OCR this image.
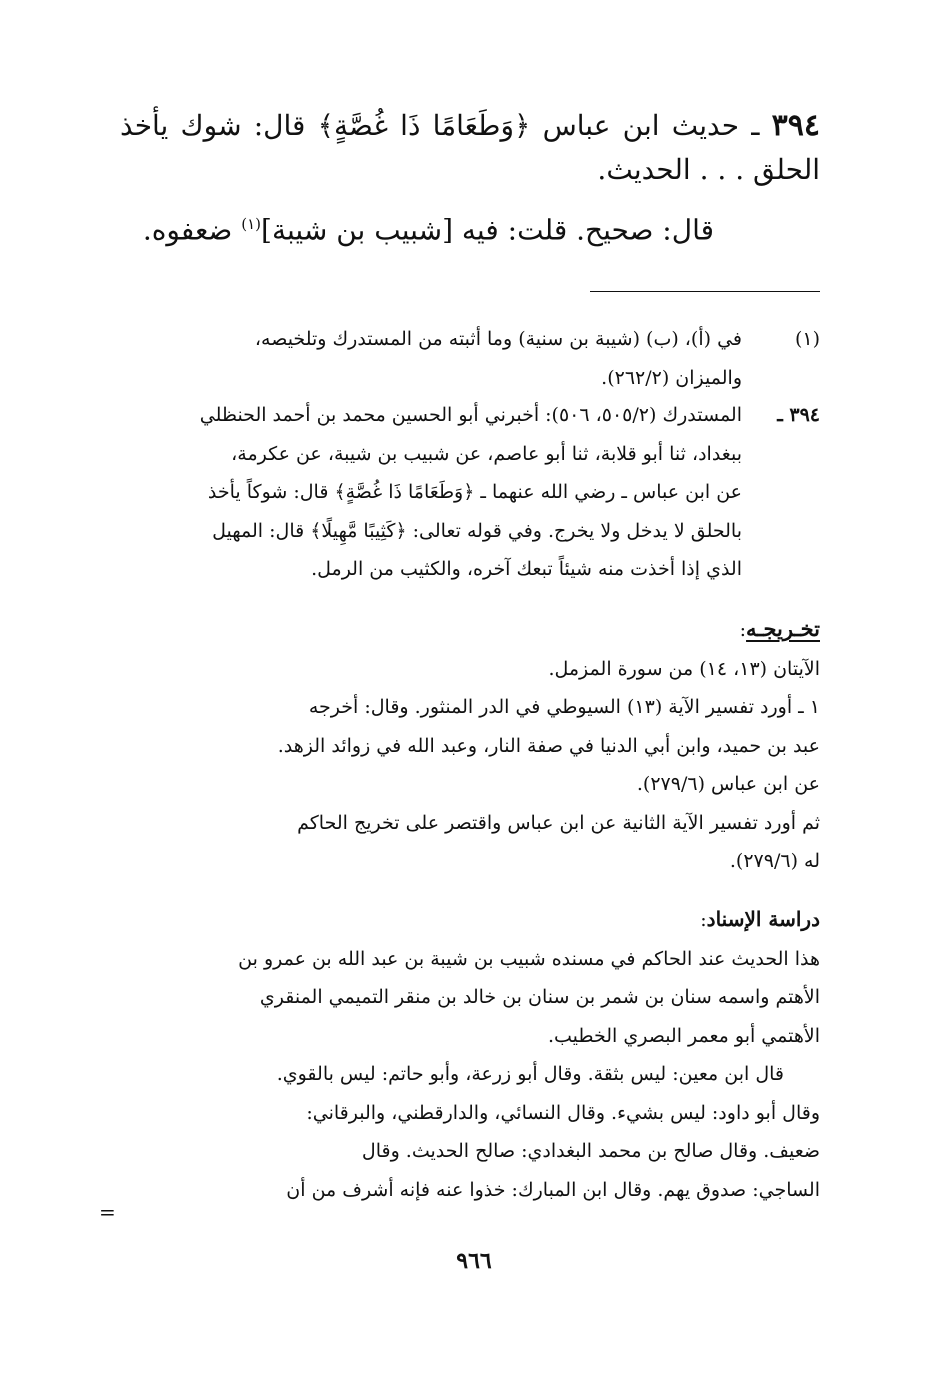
٣٩٤ ـ حديث ابن عباس ﴿وَطَعَامًا ذَا غُصَّةٍ﴾ قال: شوك يأخذ الحلق . . . الحديث.

قال: صحيح. قلت: فيه [شبيب بن شيبة]$^{(١)}$ ضعفوه.

(١)

في (أ)، (ب) (شيبة بن سنية) وما أثبته من المستدرك وتلخيصه،

والميزان (٢٦٢/٢).

٣٩٤ ـ

المستدرك (٥٠٥/٢، ٥٠٦): أخبرني أبو الحسين محمد بن أحمد الحنظلي

ببغداد، ثنا أبو قلابة، ثنا أبو عاصم، عن شبيب بن شيبة، عن عكرمة،

عن ابن عباس ـ رضي الله عنهما ـ ﴿وَطَعَامًا ذَا غُصَّةٍ﴾ قال: شوكاً يأخذ

بالحلق لا يدخل ولا يخرج. وفي قوله تعالى: ﴿كَثِيبًا مَّهِيلًا﴾ قال: المهيل

الذي إذا أخذت منه شيئاً تبعك آخره، والكثيب من الرمل.

تخـريجـه:

الآيتان (١٣، ١٤) من سورة المزمل.

١ ـ أورد تفسير الآية (١٣) السيوطي في الدر المنثور. وقال: أخرجه

عبد بن حميد، وابن أبي الدنيا في صفة النار، وعبد الله في زوائد الزهد.

عن ابن عباس (٢٧٩/٦).

ثم أورد تفسير الآية الثانية عن ابن عباس واقتصر على تخريج الحاكم

له (٢٧٩/٦).

دراسة الإسناد:

هذا الحديث عند الحاكم في مسنده شبيب بن شيبة بن عبد الله بن عمرو بن

الأهتم واسمه سنان بن شمر بن سنان بن خالد بن منقر التميمي المنقري

الأهتمي أبو معمر البصري الخطيب.

قال ابن معين: ليس بثقة. وقال أبو زرعة، وأبو حاتم: ليس بالقوي.

وقال أبو داود: ليس بشيء. وقال النسائي، والدارقطني، والبرقاني:

ضعيف. وقال صالح بن محمد البغدادي: صالح الحديث. وقال

الساجي: صدوق يهم. وقال ابن المبارك: خذوا عنه فإنه أشرف من أن

=
٩٦٦
